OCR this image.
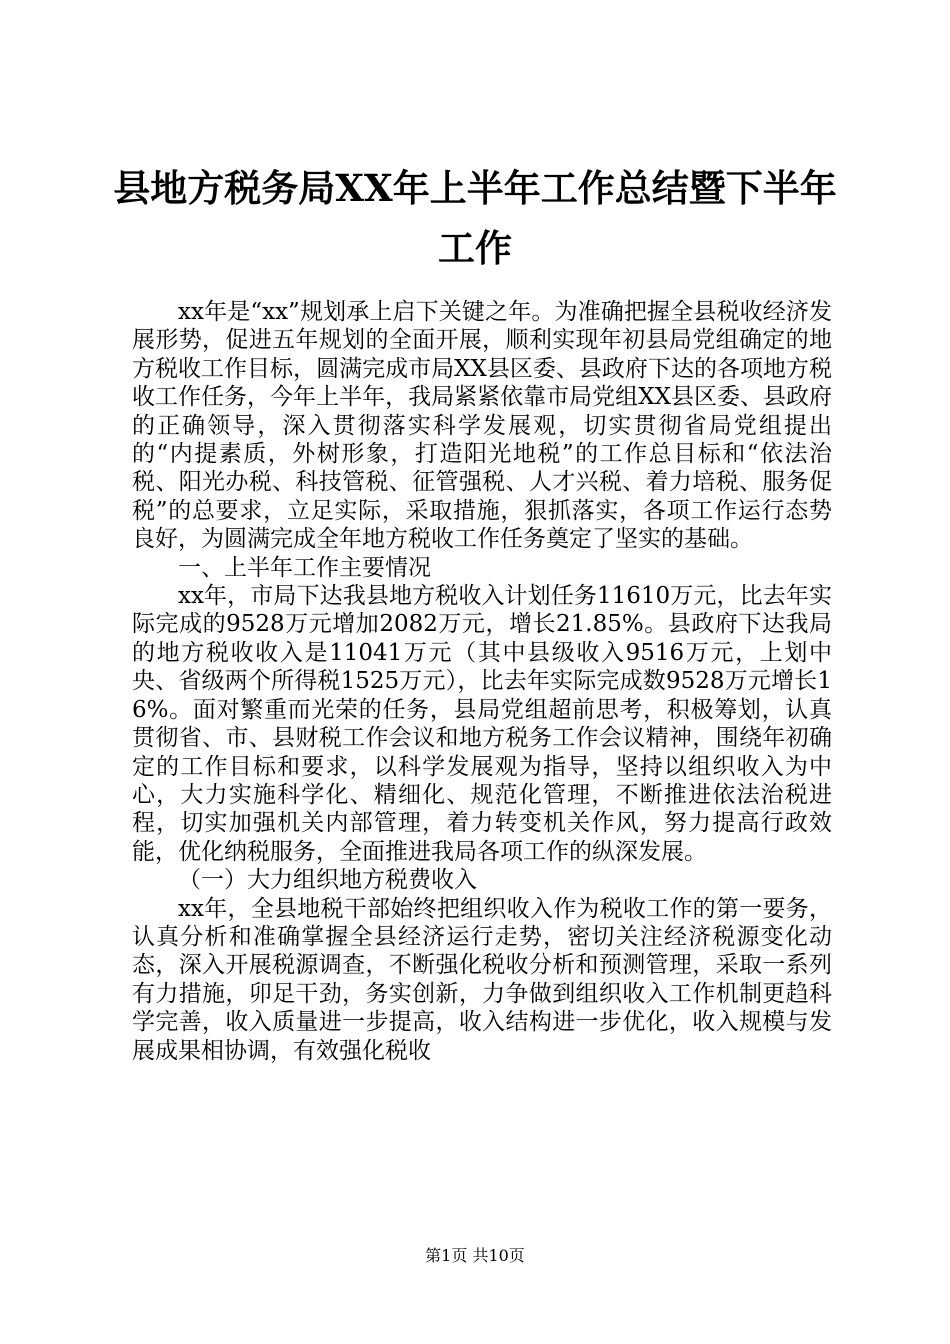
县地方税务局XX年上半年工作总结暨下半年工作

xx年是“xx”规划承上启下关键之年。为准确把握全县税收经济发展形势，促进五年规划的全面开展，顺利实现年初县局党组确定的地方税收工作目标，圆满完成市局XX县区委、县政府下达的各项地方税收工作任务，今年上半年，我局紧紧依靠市局党组XX县区委、县政府的正确领导，深入贯彻落实科学发展观，切实贯彻省局党组提出的“内提素质，外树形象，打造阳光地税”的工作总目标和“依法治税、阳光办税、科技管税、征管强税、人才兴税、着力培税、服务促税”的总要求，立足实际，采取措施，狠抓落实，各项工作运行态势良好，为圆满完成全年地方税收工作任务奠定了坚实的基础。

一、上半年工作主要情况

xx年，市局下达我县地方税收入计划任务11610万元，比去年实际完成的9528万元增加2082万元，增长21.85%。县政府下达我局的地方税收收入是11041万元（其中县级收入9516万元，上划中央、省级两个所得税1525万元），比去年实际完成数9528万元增长16%。面对繁重而光荣的任务，县局党组超前思考，积极筹划，认真贯彻省、市、县财税工作会议和地方税务工作会议精神，围绕年初确定的工作目标和要求，以科学发展观为指导，坚持以组织收入为中心，大力实施科学化、精细化、规范化管理，不断推进依法治税进程，切实加强机关内部管理，着力转变机关作风，努力提高行政效能，优化纳税服务，全面推进我局各项工作的纵深发展。

（一）大力组织地方税费收入

xx年，全县地税干部始终把组织收入作为税收工作的第一要务，认真分析和准确掌握全县经济运行走势，密切关注经济税源变化动态，深入开展税源调查，不断强化税收分析和预测管理，采取一系列有力措施，卯足干劲，务实创新，力争做到组织收入工作机制更趋科学完善，收入质量进一步提高，收入结构进一步优化，收入规模与发展成果相协调，有效强化税收

第1页 共10页
